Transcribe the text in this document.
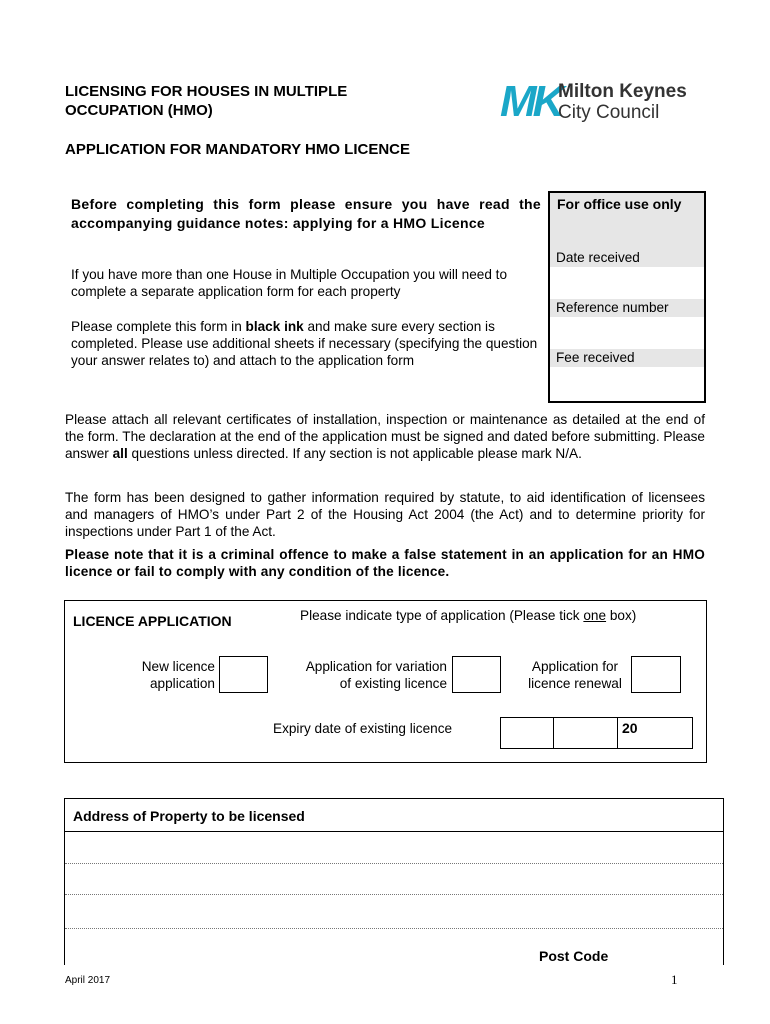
LICENSING FOR HOUSES IN MULTIPLE
OCCUPATION (HMO)	MK
Milton Keynes
City Council
APPLICATION FOR MANDATORY HMO LICENCE
Before completing this form please ensure you have read the accompanying guidance notes: applying for a HMO Licence
If you have more than one House in Multiple Occupation you will need to complete a separate application form for each property
Please complete this form in black ink and make sure every section is completed. Please use additional sheets if necessary (specifying the question your answer relates to) and attach to the application form
For office use only
Date received
Reference number
Fee received
Please attach all relevant certificates of installation, inspection or maintenance as detailed at the end of the form. The declaration at the end of the application must be signed and dated before submitting. Please answer all questions unless directed. If any section is not applicable please mark N/A.
The form has been designed to gather information required by statute, to aid identification of licensees and managers of HMO’s under Part 2 of the Housing Act 2004 (the Act) and to determine priority for inspections under Part 1 of the Act.
Please note that it is a criminal offence to make a false statement in an application for an HMO licence or fail to comply with any condition of the licence.
LICENCE APPLICATION	Please indicate type of application (Please tick one box)
New licence
application
Application for variation
of existing licence
Application for
licence renewal
Expiry date of existing licence	20
Address of Property to be licensed
Post Code
April 2017	1
